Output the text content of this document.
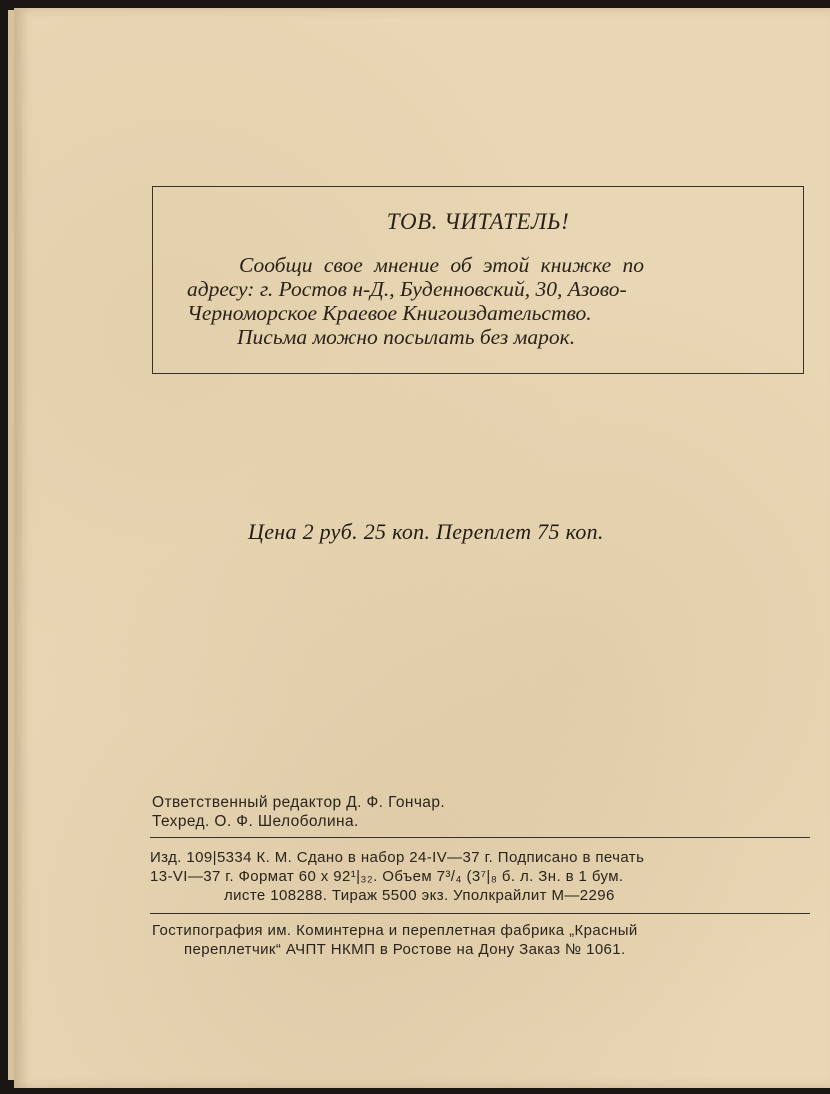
ТОВ. ЧИТАТЕЛЬ!
Сообщи свое мнение об этой книжке по
адресу: г. Ростов н-Д., Буденновский, 30, Азово-
Черноморское Краевое Книгоиздательство.
Письма можно посылать без марок.
Цена 2 руб. 25 коп. Переплет 75 коп.
Ответственный редактор Д. Ф. Гончар.
Техред. О. Ф. Шелоболина.
Изд. 109|5334 К. М. Сдано в набор 24-IV—37 г. Подписано в печать
13-VI—37 г. Формат 60 х 92¹|₃₂. Объем 7³/₄ (3⁷|₈ б. л. Зн. в 1 бум.
листе 108288. Тираж 5500 экз. Уполкрайлит М—2296
Гостипография им. Коминтерна и переплетная фабрика „Красный
переплетчик“ АЧПТ НКМП в Ростове на Дону Заказ № 1061.
